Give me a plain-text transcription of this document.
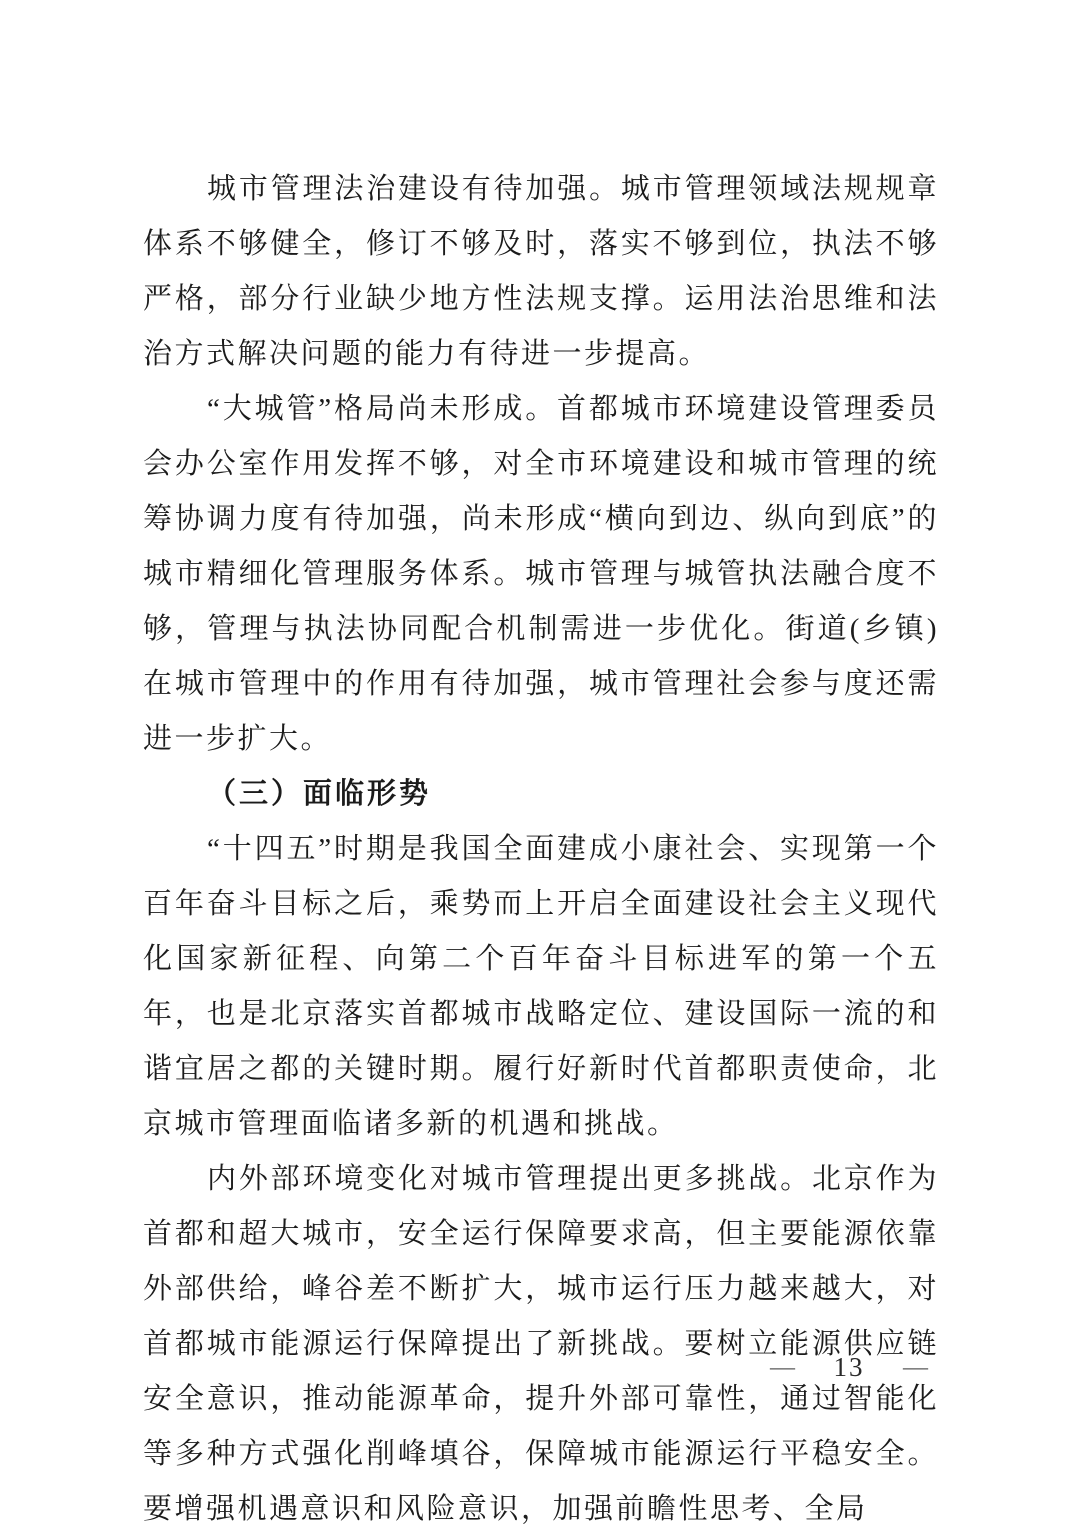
城市管理法治建设有待加强。城市管理领域法规规章体系不够健全，修订不够及时，落实不够到位，执法不够严格，部分行业缺少地方性法规支撑。运用法治思维和法治方式解决问题的能力有待进一步提高。

“大城管”格局尚未形成。首都城市环境建设管理委员会办公室作用发挥不够，对全市环境建设和城市管理的统筹协调力度有待加强，尚未形成“横向到边、纵向到底”的城市精细化管理服务体系。城市管理与城管执法融合度不够，管理与执法协同配合机制需进一步优化。街道(乡镇)在城市管理中的作用有待加强，城市管理社会参与度还需进一步扩大。

（三）面临形势

“十四五”时期是我国全面建成小康社会、实现第一个百年奋斗目标之后，乘势而上开启全面建设社会主义现代化国家新征程、向第二个百年奋斗目标进军的第一个五年，也是北京落实首都城市战略定位、建设国际一流的和谐宜居之都的关键时期。履行好新时代首都职责使命，北京城市管理面临诸多新的机遇和挑战。

内外部环境变化对城市管理提出更多挑战。北京作为首都和超大城市，安全运行保障要求高，但主要能源依靠外部供给，峰谷差不断扩大，城市运行压力越来越大，对首都城市能源运行保障提出了新挑战。要树立能源供应链安全意识，推动能源革命，提升外部可靠性，通过智能化等多种方式强化削峰填谷，保障城市能源运行平稳安全。要增强机遇意识和风险意识，加强前瞻性思考、全局

— 13 —
